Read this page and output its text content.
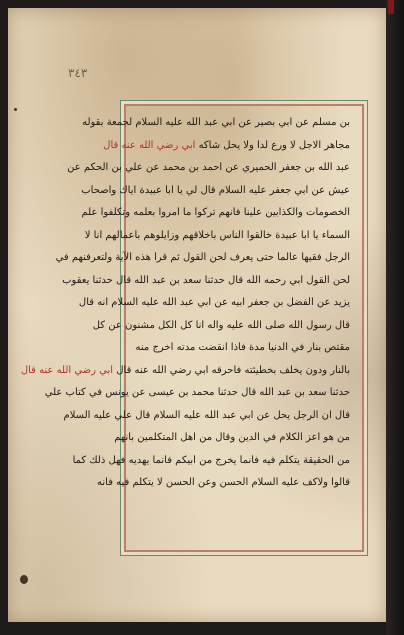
٣٤٣
بن مسلم عن ابي بصير عن ابي عبد الله عليه السلام لجمعة بقوله
مجاهر الاجل لا ورع لدا ولا يحل شاكه ابي رضي الله عنه قال
عبد الله بن جعفر الحميري عن احمد بن محمد عن علي بن الحكم عن
عيش عن ابي جعفر عليه السلام قال لي يا ابا عبيدة اياك واصحاب
الخصومات والكذابين علينا فانهم تركوا ما امروا بعلمه وتكلفوا علم
السماء يا ابا عبيدة خالقوا الناس باخلاقهم وزايلوهم باعمالهم انا لا
الرجل فقيها عالما حتى يعرف لحن القول ثم قرا هذه الآية ولتعرفنهم في
لحن القول ابي رحمه الله قال حدثنا سعد بن عبد الله قال حدثنا يعقوب
يزيد عن الفضل بن جعفر ابيه عن ابي عبد الله عليه السلام انه قال
قال رسول الله صلى الله عليه واله انا كل الكل مشنون عن كل
مقتص بنار في الدنيا مدة فاذا انقضت مدته اخرج منه
بالنار ودون يخلف بخطيئته فاحرقه ابي رضي الله عنه قال ابي رضي الله عنه قال
حدثنا سعد بن عبد الله قال حدثنا محمد بن عيسى عن يونس في كتاب علي
قال ان الرجل يحل عن ابي عبد الله عليه السلام قال علي عليه السلام
من هو اعز الكلام في الدين وقال من اهل المتكلمين بانهم
من الحقيقة يتكلم فيه فانما يخرج من ابيكم فانما يهديه فهل ذلك كما
قالوا ولاكف عليه السلام الحسن وعن الحسن لا يتكلم فيه فانه
